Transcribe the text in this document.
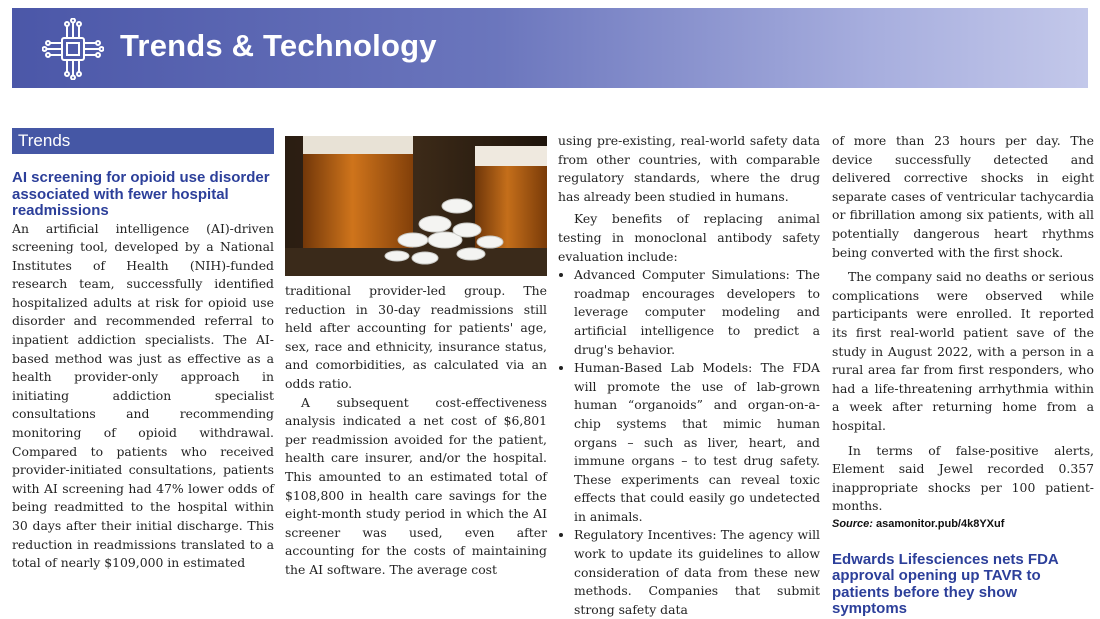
Trends & Technology
Trends
AI screening for opioid use disorder associated with fewer hospital readmissions

An artificial intelligence (AI)-driven screening tool, developed by a National Institutes of Health (NIH)-funded research team, successfully identified hospitalized adults at risk for opioid use disorder and recommended referral to inpatient addiction specialists. The AI-based method was just as effective as a health provider-only approach in initiating addiction specialist consultations and recommending monitoring of opioid withdrawal. Compared to patients who received provider-initiated consultations, patients with AI screening had 47% lower odds of being readmitted to the hospital within 30 days after their initial discharge. This reduction in readmissions translated to a total of nearly $109,000 in estimated

traditional provider-led group. The reduction in 30-day readmissions still held after accounting for patients' age, sex, race and ethnicity, insurance status, and comorbidities, as calculated via an odds ratio.

A subsequent cost-effectiveness analysis indicated a net cost of $6,801 per readmission avoided for the patient, health care insurer, and/or the hospital. This amounted to an estimated total of $108,800 in health care savings for the eight-month study period in which the AI screener was used, even after accounting for the costs of maintaining the AI software. The average cost

using pre-existing, real-world safety data from other countries, with comparable regulatory standards, where the drug has already been studied in humans.

Key benefits of replacing animal testing in monoclonal antibody safety evaluation include:

• Advanced Computer Simulations: The roadmap encourages developers to leverage computer modeling and artificial intelligence to predict a drug's behavior.
• Human-Based Lab Models: The FDA will promote the use of lab-grown human “organoids” and organ-on-a-chip systems that mimic human organs – such as liver, heart, and immune organs – to test drug safety. These experiments can reveal toxic effects that could easily go undetected in animals.
• Regulatory Incentives: The agency will work to update its guidelines to allow consideration of data from these new methods. Companies that submit strong safety data

of more than 23 hours per day. The device successfully detected and delivered corrective shocks in eight separate cases of ventricular tachycardia or fibrillation among six patients, with all potentially dangerous heart rhythms being converted with the first shock.

The company said no deaths or serious complications were observed while participants were enrolled. It reported its first real-world patient save of the study in August 2022, with a person in a rural area far from first responders, who had a life-threatening arrhythmia within a week after returning home from a hospital.

In terms of false-positive alerts, Element said Jewel recorded 0.357 inappropriate shocks per 100 patient-months.

Source: asamonitor.pub/4k8YXuf
Edwards Lifesciences nets FDA approval opening up TAVR to patients before they show symptoms
